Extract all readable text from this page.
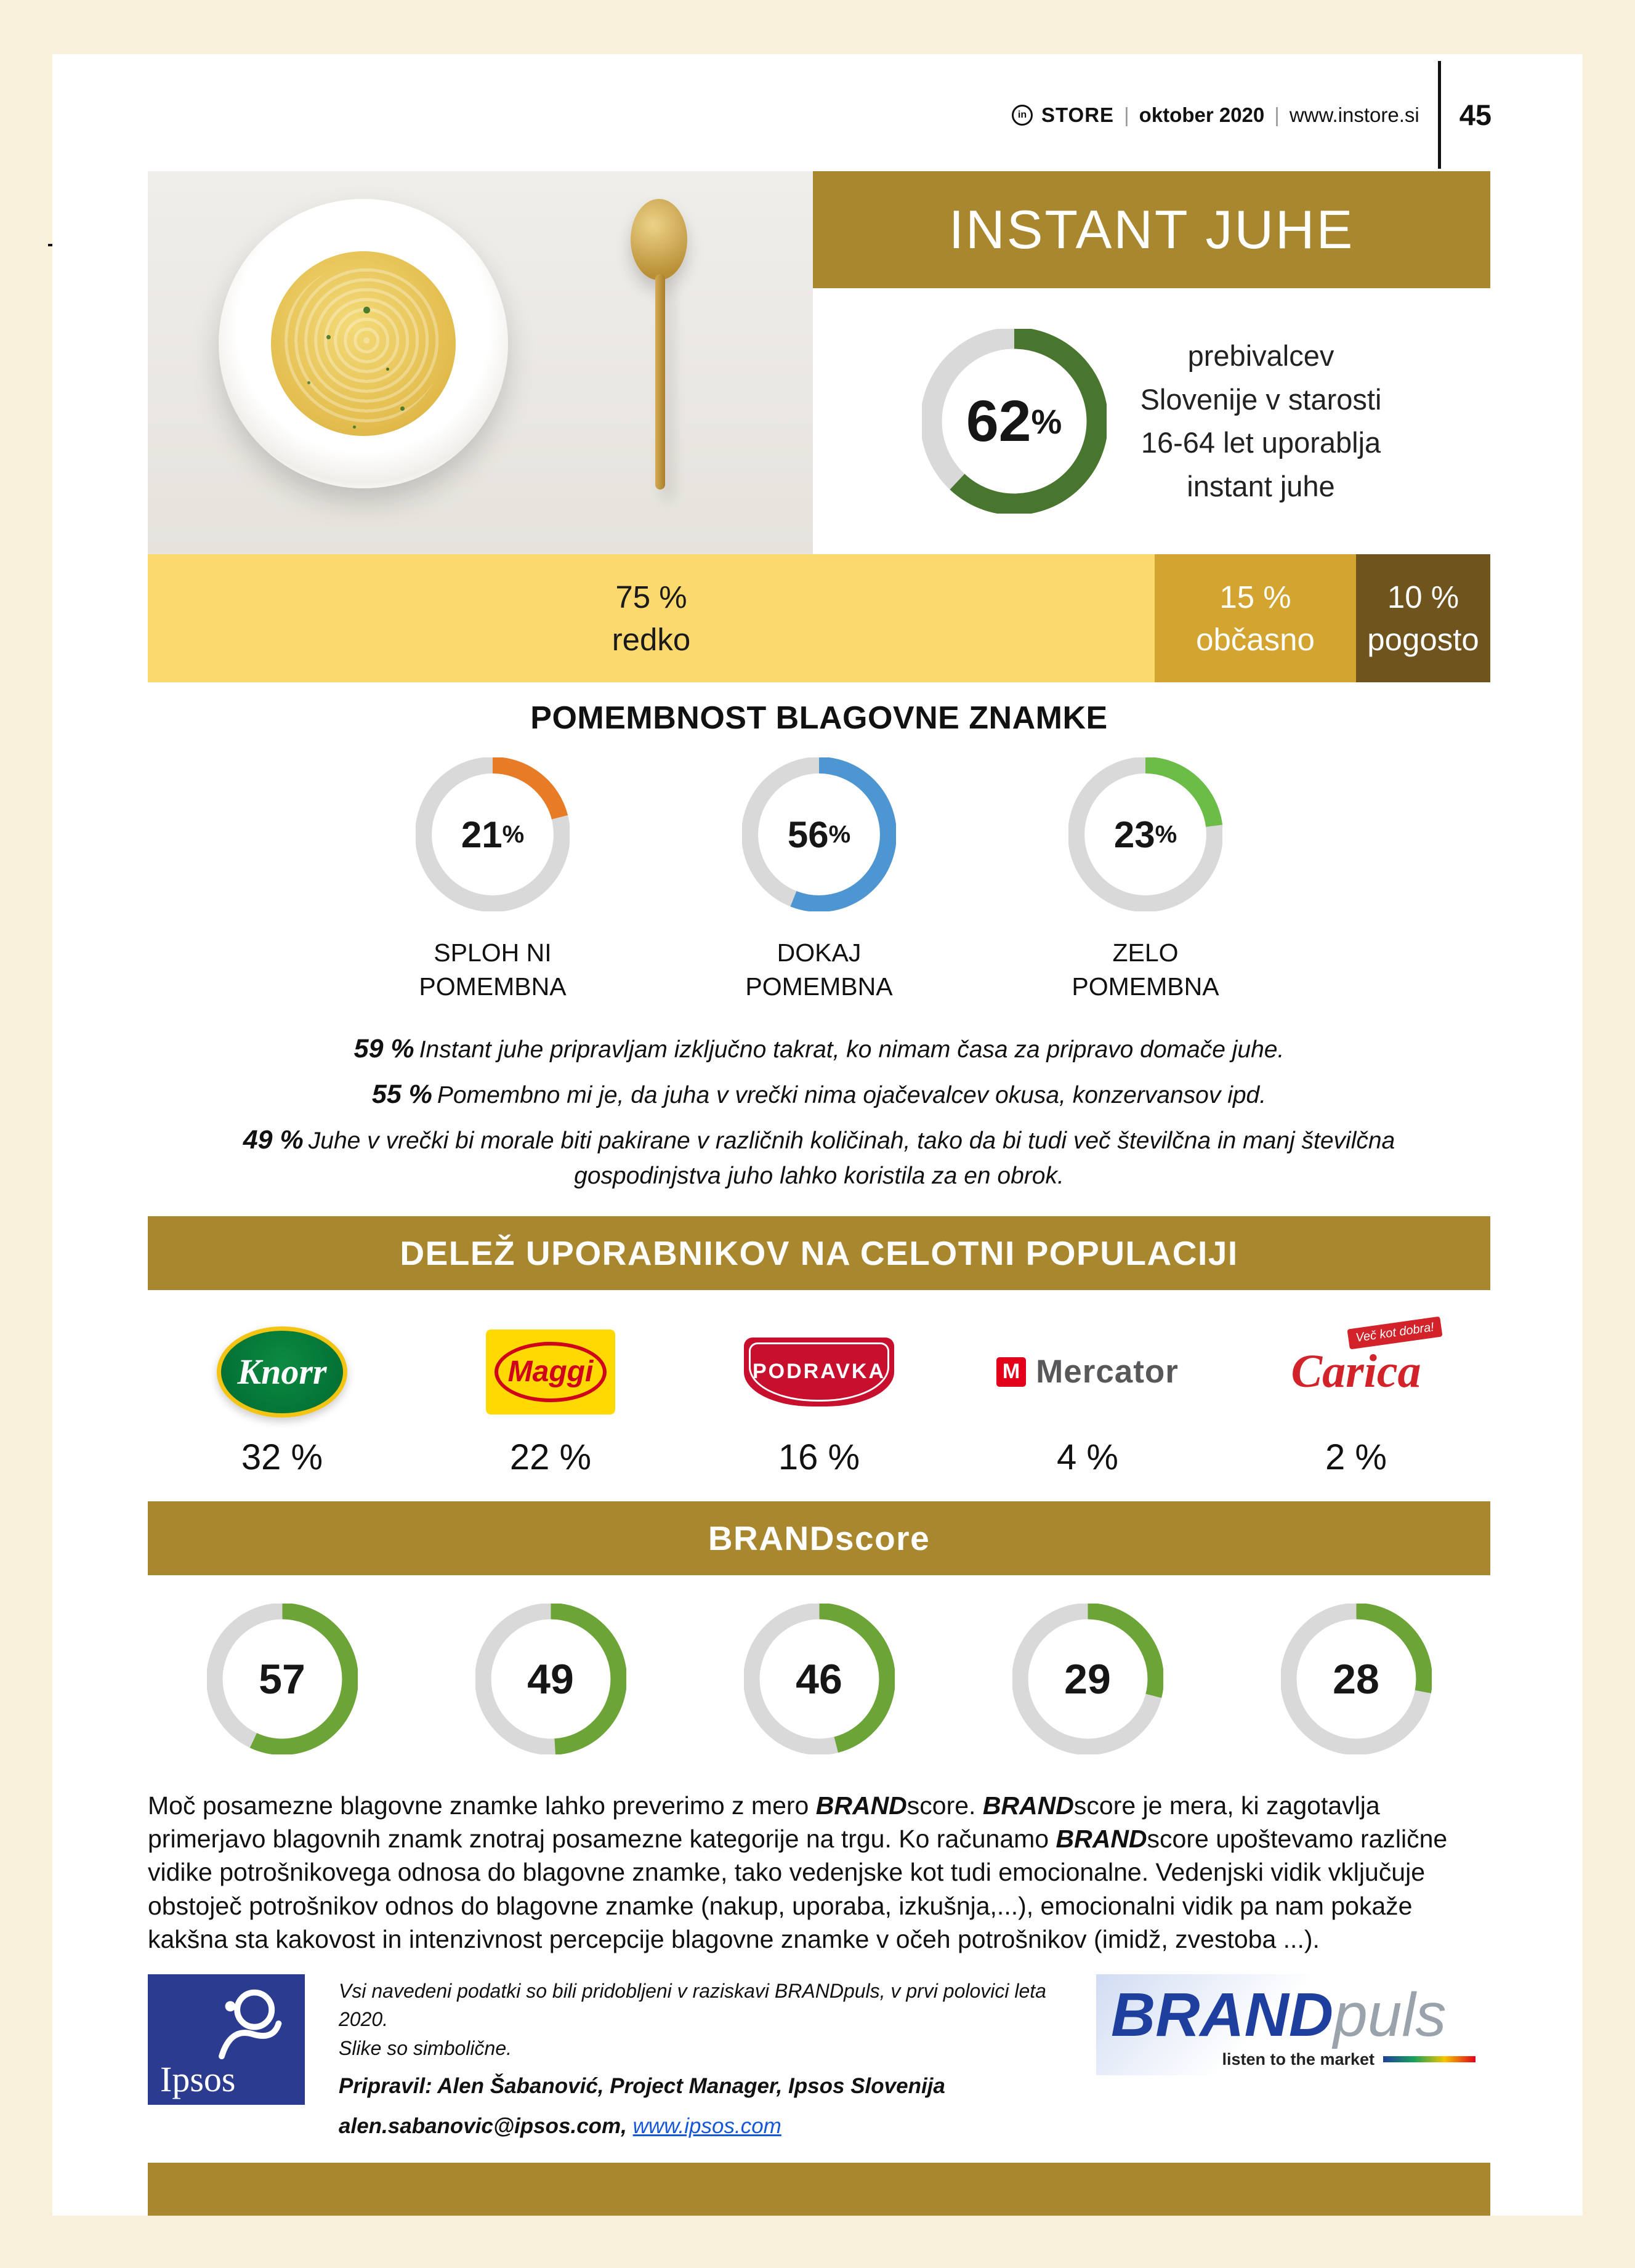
in STORE | oktober 2020 | www.instore.si 45
INSTANT JUHE
62 %
prebivalcev
Slovenije v starosti
16-64 let uporablja
instant juhe
75 %
redko
15 %
občasno
10 %
pogosto
POMEMBNOST BLAGOVNE ZNAMKE
21 %
SPLOH NI
POMEMBNA
56 %
DOKAJ
POMEMBNA
23 %
ZELO
POMEMBNA
59 % Instant juhe pripravljam izključno takrat, ko nimam časa za pripravo domače juhe.
55 % Pomembno mi je, da juha v vrečki nima ojačevalcev okusa, konzervansov ipd.
49 % Juhe v vrečki bi morale biti pakirane v različnih količinah, tako da bi tudi več številčna in manj številčna gospodinjstva juho lahko koristila za en obrok.
DELEŽ UPORABNIKOV NA CELOTNI POPULACIJI
Knorr
32 %
Maggi
22 %
PODRAVKA
16 %
M Mercator
4 %
Več kot dobra!
Carica
2 %
BRANDscore
57	49	46	29	28
Moč posamezne blagovne znamke lahko preverimo z mero BRANDscore. BRANDscore je mera, ki zagotavlja primerjavo blagovnih znamk znotraj posamezne kategorije na trgu. Ko računamo BRANDscore upoštevamo različne vidike potrošnikovega odnosa do blagovne znamke, tako vedenjske kot tudi emocionalne. Vedenjski vidik vključuje obstoječ potrošnikov odnos do blagovne znamke (nakup, uporaba, izkušnja,...), emocionalni vidik pa nam pokaže kakšna sta kakovost in intenzivnost percepcije blagovne znamke v očeh potrošnikov (imidž, zvestoba ...).
Ipsos
Vsi navedeni podatki so bili pridobljeni v raziskavi BRANDpuls, v prvi polovici leta 2020.
Slike so simbolične.
Pripravil: Alen Šabanović, Project Manager, Ipsos Slovenija
alen.sabanovic@ipsos.com, www.ipsos.com
BRANDpuls
listen to the market
